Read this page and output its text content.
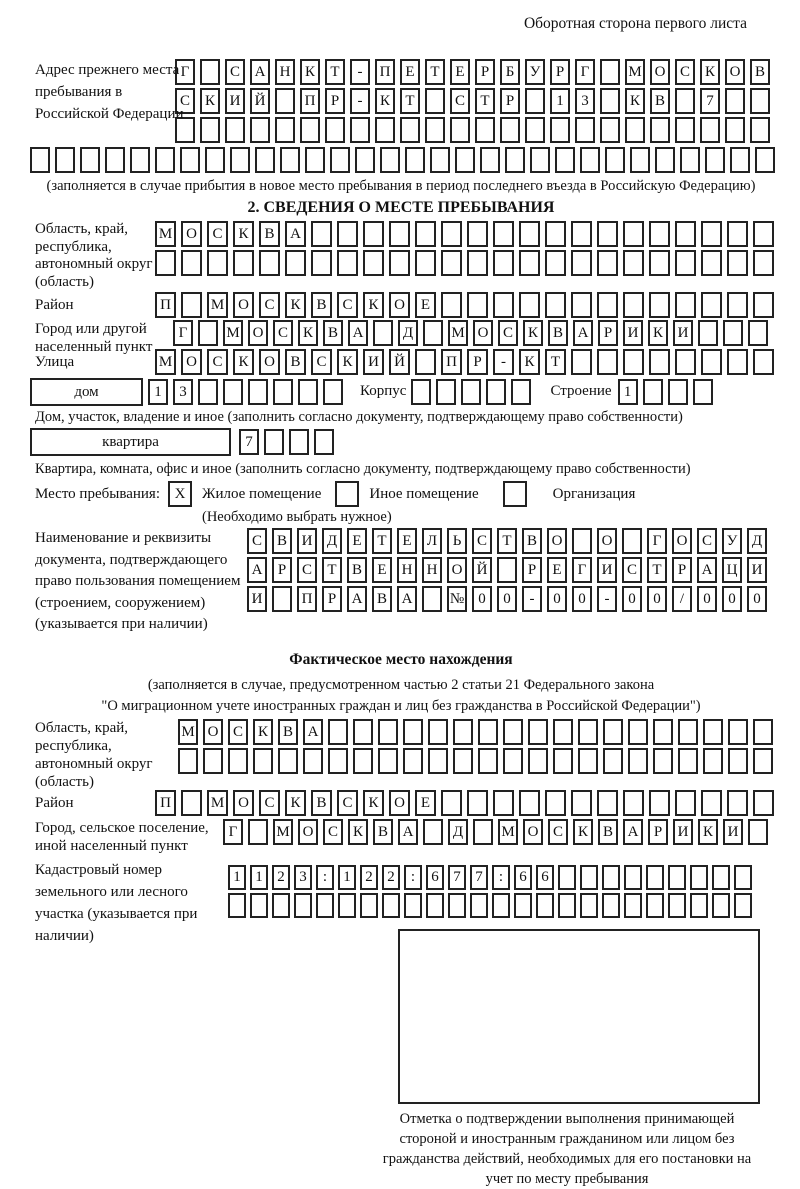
Оборотная сторона первого листа
Адрес прежнего места пребывания в Российской Федерации
Г	С А Н К	Т	-	П Е	Т	Е	Р	Б	У	Р	Г	М О С К О В
С К И Й	П	Р	-	К	Т	С	Т	Р	1	3	К В	7
(заполняется в случае прибытия в новое место пребывания в период последнего въезда в Российскую Федерацию)
2. СВЕДЕНИЯ О МЕСТЕ ПРЕБЫВАНИЯ
Область, край, республика, автономный округ (область)
М О	С	К	В	А
Район	П	М О	С	К	В	С	К	О	Е
Город или другой населенный пункт
Г	М О С К В А	Д	М О С К В А	Р	И К И
Улица	М О	С	К	О	В	С	К	И	Й	П	Р	-	К	Т
дом	1	3	Корпус	Строение 1
Дом, участок, владение и иное (заполнить согласно документу, подтверждающему право собственности)
квартира	7
Квартира, комната, офис и иное (заполнить согласно документу, подтверждающему право собственности)
Место пребывания: X	Жилое помещение	Иное помещение	Организация
(Необходимо выбрать нужное)
Наименование и реквизиты документа, подтверждающего право пользования помещением (строением, сооружением) (указывается при наличии)
С В И Д	Е	Т	Е	Л	Ь	С	Т	В О	О	Г	О С У Д
А	Р	С	Т	В	Е	Н Н О Й	Р	Е	Г	И С	Т	Р	А Ц И
И	П	Р	А В А	№ 0	0	-	0	0	-	0	0	/	0	0	0
Фактическое место нахождения
(заполняется в случае, предусмотренном частью 2 статьи 21 Федерального закона
"О миграционном учете иностранных граждан и лиц без гражданства в Российской Федерации")
Область, край, республика, автономный округ (область)
М О С К В А
Район	П	М О	С	К	В	С	К	О	Е
Город, сельское поселение, иной населенный пункт
Г	М О С К В А	Д	М О С К В А	Р	И К И
Кадастровый номер земельного или лесного участка (указывается при наличии)
1 1 2 3	:	1 2 2	:	6 7 7	:	6 6
Отметка о подтверждении выполнения принимающей стороной и иностранным гражданином или лицом без гражданства действий, необходимых для его постановки на учет по месту пребывания
